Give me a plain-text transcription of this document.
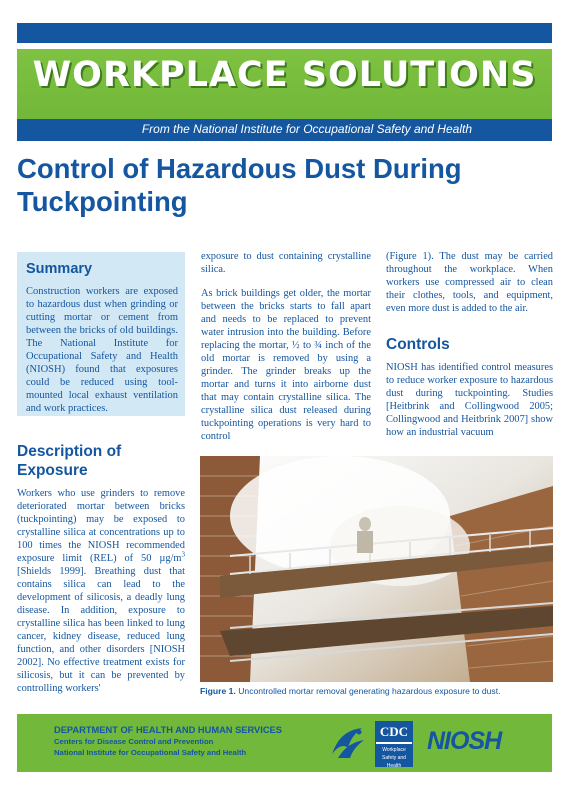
WORKPLACE SOLUTIONS
From the National Institute for Occupational Safety and Health
Control of Hazardous Dust During Tuckpointing
Summary

Construction workers are exposed to hazardous dust when grinding or cutting mortar or cement from between the bricks of old buildings. The National Institute for Occupational Safety and Health (NIOSH) found that exposures could be reduced using tool-mounted local exhaust ventilation and work practices.

Description of Exposure

Workers who use grinders to remove deteriorated mortar between bricks (tuckpointing) may be exposed to crystalline silica at concentrations up to 100 times the NIOSH recommended exposure limit (REL) of 50 $\mu g/m^3$ [Shields 1999]. Breathing dust that contains silica can lead to the development of silicosis, a deadly lung disease. In addition, exposure to crystalline silica has been linked to lung cancer, kidney disease, reduced lung function, and other disorders [NIOSH 2002]. No effective treatment exists for silicosis, but it can be prevented by controlling workers'

exposure to dust containing crystalline silica.

As brick buildings get older, the mortar between the bricks starts to fall apart and needs to be replaced to prevent water intrusion into the building. Before replacing the mortar, ½ to ¾ inch of the old mortar is removed by using a grinder. The grinder breaks up the mortar and turns it into airborne dust that may contain crystalline silica. The crystalline silica dust released during tuckpointing operations is very hard to control

(Figure 1). The dust may be carried throughout the workplace. When workers use compressed air to clean their clothes, tools, and equipment, even more dust is added to the air.

Controls

NIOSH has identified control measures to reduce worker exposure to hazardous dust during tuckpointing. Studies [Heitbrink and Collingwood 2005; Collingwood and Heitbrink 2007] show how an industrial vacuum

Figure 1. Uncontrolled mortar removal generating hazardous exposure to dust.

DEPARTMENT OF HEALTH AND HUMAN SERVICES
Centers for Disease Control and Prevention
National Institute for Occupational Safety and Health
CDC
Workplace
Safety and Health
NIOSH
